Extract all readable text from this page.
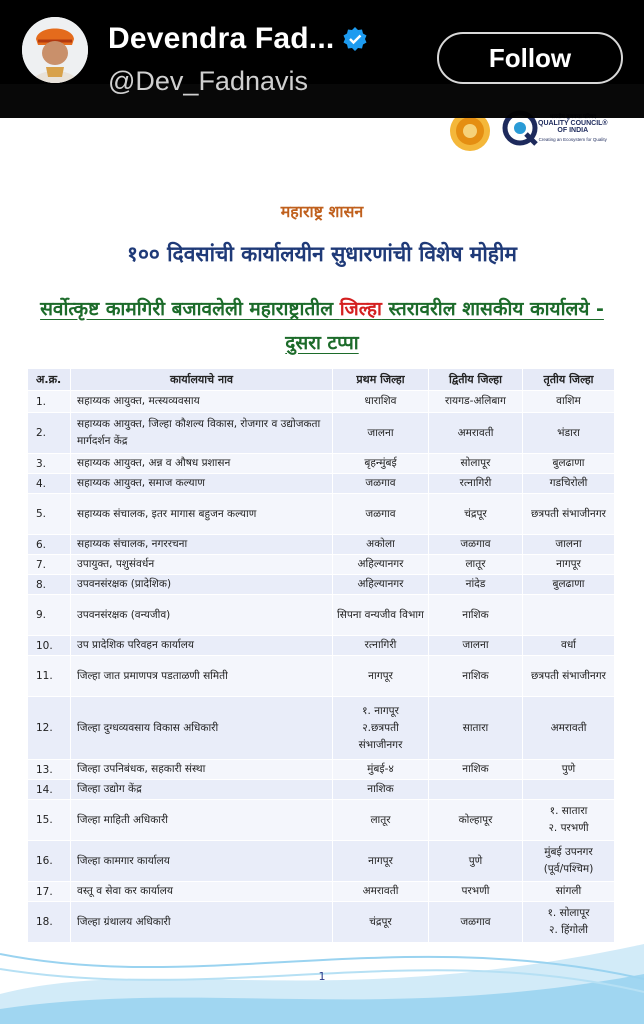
QUALITY COUNCIL®
OF INDIA
Creating an Ecosystem for Quality
महाराष्ट्र शासन
१०० दिवसांची कार्यालयीन सुधारणांची विशेष मोहीम
सर्वोत्कृष्ट कामगिरी बजावलेली महाराष्ट्रातील जिल्हा स्तरावरील शासकीय कार्यालये - दुसरा टप्पा
अ.क्र.	कार्यालयाचे नाव	प्रथम जिल्हा	द्वितीय जिल्हा	तृतीय जिल्हा
1.	सहाय्यक आयुक्त, मत्स्यव्यवसाय	धाराशिव	रायगड-अलिबाग	वाशिम
2.	सहाय्यक आयुक्त, जिल्हा कौशल्य विकास, रोजगार व उद्योजकता मार्गदर्शन केंद्र	जालना	अमरावती	भंडारा
3.	सहाय्यक आयुक्त, अन्न व औषध प्रशासन	बृहन्मुंबई	सोलापूर	बुलढाणा
4.	सहाय्यक आयुक्त, समाज कल्याण	जळगाव	रत्नागिरी	गडचिरोली
5.	सहाय्यक संचालक, इतर मागास बहुजन कल्याण	जळगाव	चंद्रपूर	छत्रपती संभाजीनगर
6.	सहाय्यक संचालक, नगररचना	अकोला	जळगाव	जालना
7.	उपायुक्त, पशुसंवर्धन	अहिल्यानगर	लातूर	नागपूर
8.	उपवनसंरक्षक (प्रादेशिक)	अहिल्यानगर	नांदेड	बुलढाणा
9.	उपवनसंरक्षक (वन्यजीव)	सिपना वन्यजीव विभाग	नाशिक	
10.	उप प्रादेशिक परिवहन कार्यालय	रत्नागिरी	जालना	वर्धा
11.	जिल्हा जात प्रमाणपत्र पडताळणी समिती	नागपूर	नाशिक	छत्रपती संभाजीनगर
12.	जिल्हा दुग्धव्यवसाय विकास अधिकारी	१. नागपूर
२.छत्रपती
संभाजीनगर	सातारा	अमरावती
13.	जिल्हा उपनिबंधक, सहकारी संस्था	मुंबई-४	नाशिक	पुणे
14.	जिल्हा उद्योग केंद्र	नाशिक		
15.	जिल्हा माहिती अधिकारी	लातूर	कोल्हापूर	१. सातारा
२. परभणी
16.	जिल्हा कामगार कार्यालय	नागपूर	पुणे	मुंबई उपनगर
(पूर्व/पश्चिम)
17.	वस्तू व सेवा कर कार्यालय	अमरावती	परभणी	सांगली
18.	जिल्हा ग्रंथालय अधिकारी	चंद्रपूर	जळगाव	१. सोलापूर
२. हिंगोली
1
Devendra Fad...
@Dev_Fadnavis
Follow
